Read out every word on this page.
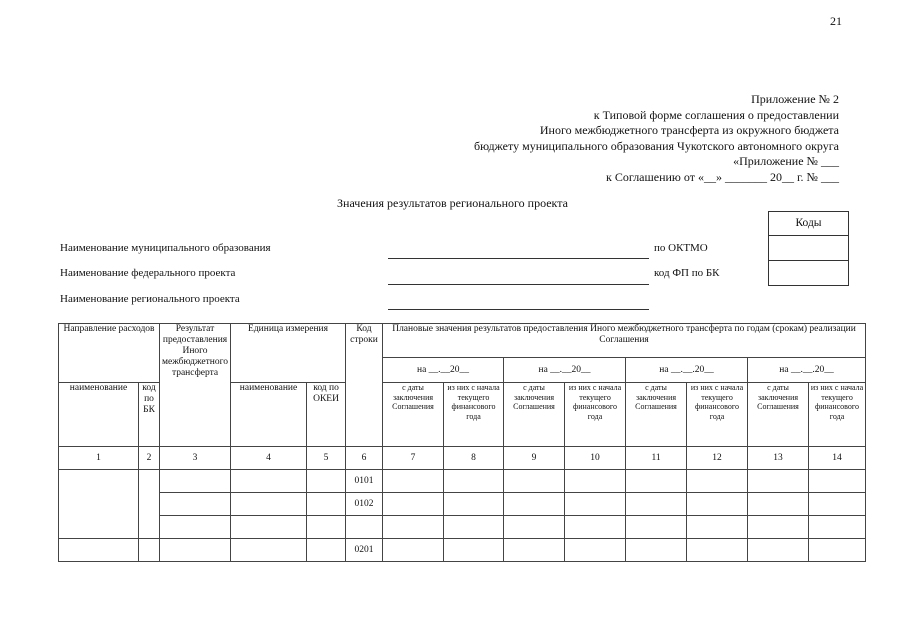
21
Приложение № 2
к Типовой форме соглашения о предоставлении
Иного межбюджетного трансферта из окружного бюджета
бюджету муниципального образования Чукотского автономного округа
«Приложение № ___
к Соглашению от «__» _______ 20__ г. № ___
Значения результатов регионального проекта
Коды
Наименование муниципального образования	по ОКТМО
Наименование федерального проекта	код ФП по БК
Наименование регионального проекта
Направление расходов		Результат предоставления Иного межбюджетного трансферта	Единица измерения		Код строки	Плановые значения результатов предоставления Иного межбюджетного трансферта по годам (срокам) реализации Соглашения							
						на __.__20__		на __.__20__		на __.__.20__		на __.__.20__	
наименование	код по БК		наименование	код по ОКЕИ		с даты заключения Соглашения	из них с начала текущего финансового года	с даты заключения Соглашения	из них с начала текущего финансового года	с даты заключения Соглашения	из них с начала текущего финансового года	с даты заключения Соглашения	из них с начала текущего финансового года
1	2	3	4	5	6	7	8	9	10	11	12	13	14
					0101								
					0102								

					0201								
